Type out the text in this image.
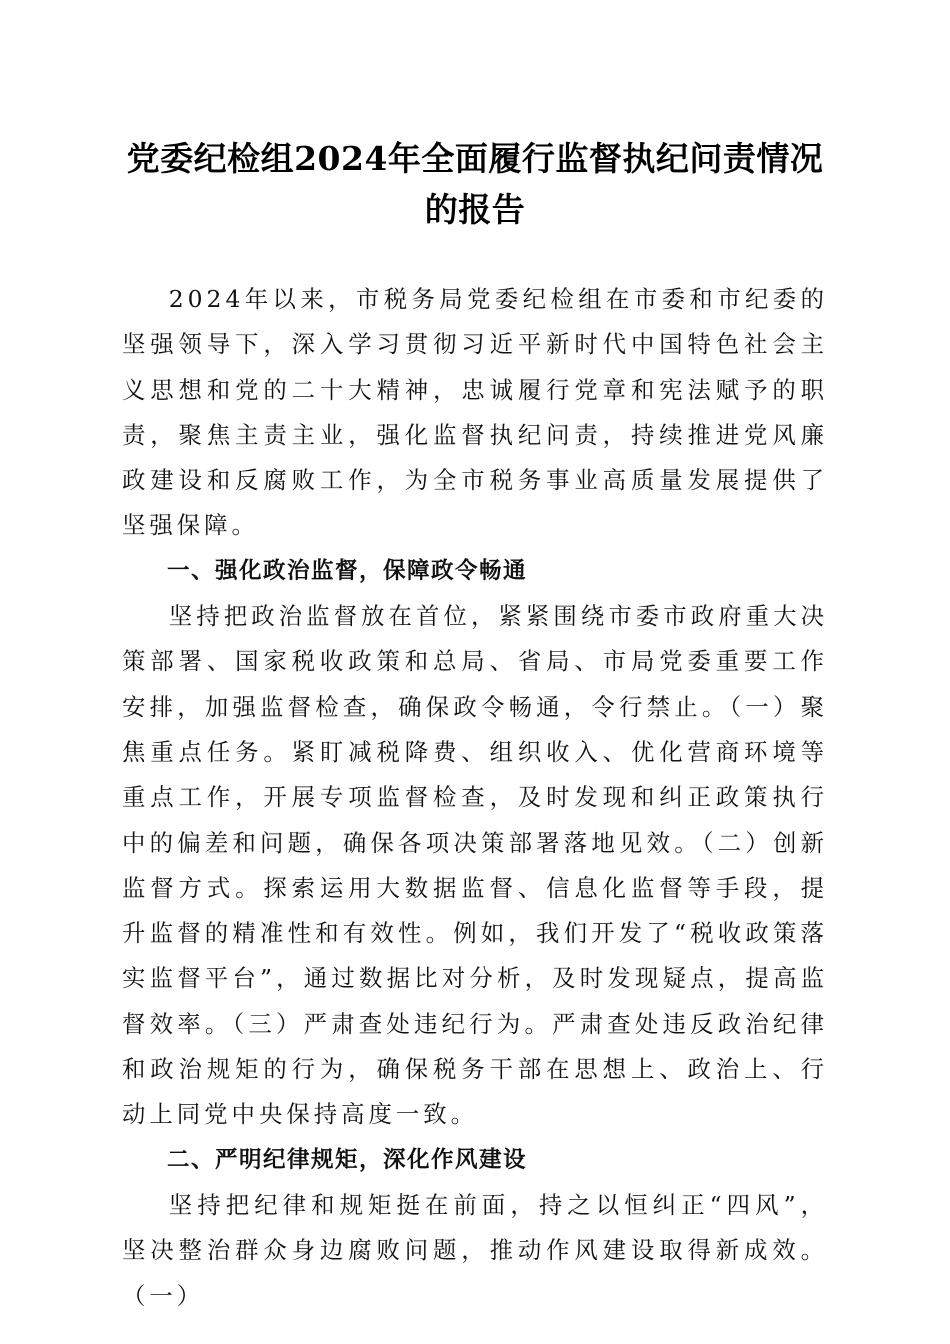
党委纪检组2024年全面履行监督执纪问责情况的报告

2024年以来，市税务局党委纪检组在市委和市纪委的坚强领导下，深入学习贯彻习近平新时代中国特色社会主义思想和党的二十大精神，忠诚履行党章和宪法赋予的职责，聚焦主责主业，强化监督执纪问责，持续推进党风廉政建设和反腐败工作，为全市税务事业高质量发展提供了坚强保障。

一、强化政治监督，保障政令畅通

坚持把政治监督放在首位，紧紧围绕市委市政府重大决策部署、国家税收政策和总局、省局、市局党委重要工作安排，加强监督检查，确保政令畅通，令行禁止。（一）聚焦重点任务。紧盯减税降费、组织收入、优化营商环境等重点工作，开展专项监督检查，及时发现和纠正政策执行中的偏差和问题，确保各项决策部署落地见效。（二）创新监督方式。探索运用大数据监督、信息化监督等手段，提升监督的精准性和有效性。例如，我们开发了“税收政策落实监督平台”，通过数据比对分析，及时发现疑点，提高监督效率。（三）严肃查处违纪行为。严肃查处违反政治纪律和政治规矩的行为，确保税务干部在思想上、政治上、行动上同党中央保持高度一致。

二、严明纪律规矩，深化作风建设

坚持把纪律和规矩挺在前面，持之以恒纠正“四风”，坚决整治群众身边腐败问题，推动作风建设取得新成效。（一）
